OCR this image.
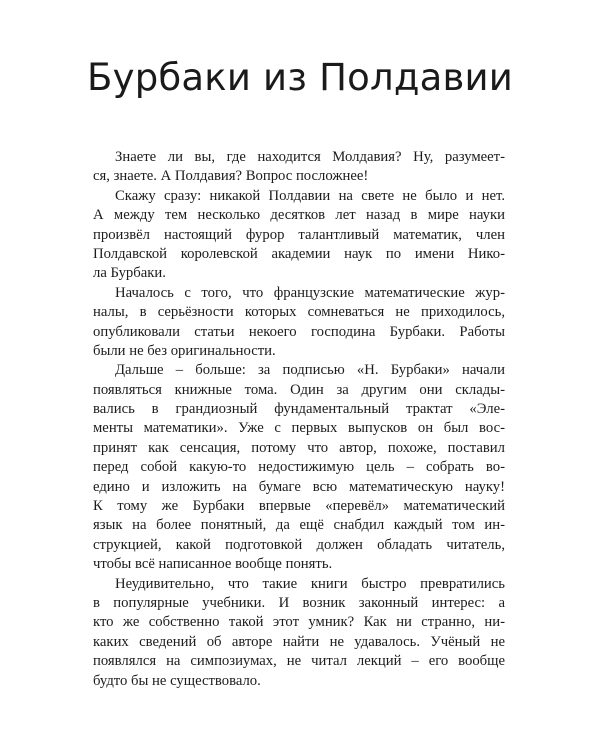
Бурбаки из Полдавии
Знаете ли вы, где находится Молдавия? Ну, разумеет-
ся, знаете. А Полдавия? Вопрос посложнее!
Скажу сразу: никакой Полдавии на свете не было и нет.
А между тем несколько десятков лет назад в мире науки
произвёл настоящий фурор талантливый математик, член
Полдавской королевской академии наук по имени Нико-
ла Бурбаки.
Началось с того, что французские математические жур-
налы, в серьёзности которых сомневаться не приходилось,
опубликовали статьи некоего господина Бурбаки. Работы
были не без оригинальности.
Дальше – больше: за подписью «Н. Бурбаки» начали
появляться книжные тома. Один за другим они склады-
вались в грандиозный фундаментальный трактат «Эле-
менты математики». Уже с первых выпусков он был вос-
принят как сенсация, потому что автор, похоже, поставил
перед собой какую-то недостижимую цель – собрать во-
едино и изложить на бумаге всю математическую науку!
К тому же Бурбаки впервые «перевёл» математический
язык на более понятный, да ещё снабдил каждый том ин-
струкцией, какой подготовкой должен обладать читатель,
чтобы всё написанное вообще понять.
Неудивительно, что такие книги быстро превратились
в популярные учебники. И возник законный интерес: а
кто же собственно такой этот умник? Как ни странно, ни-
каких сведений об авторе найти не удавалось. Учёный не
появлялся на симпозиумах, не читал лекций – его вообще
будто бы не существовало.
